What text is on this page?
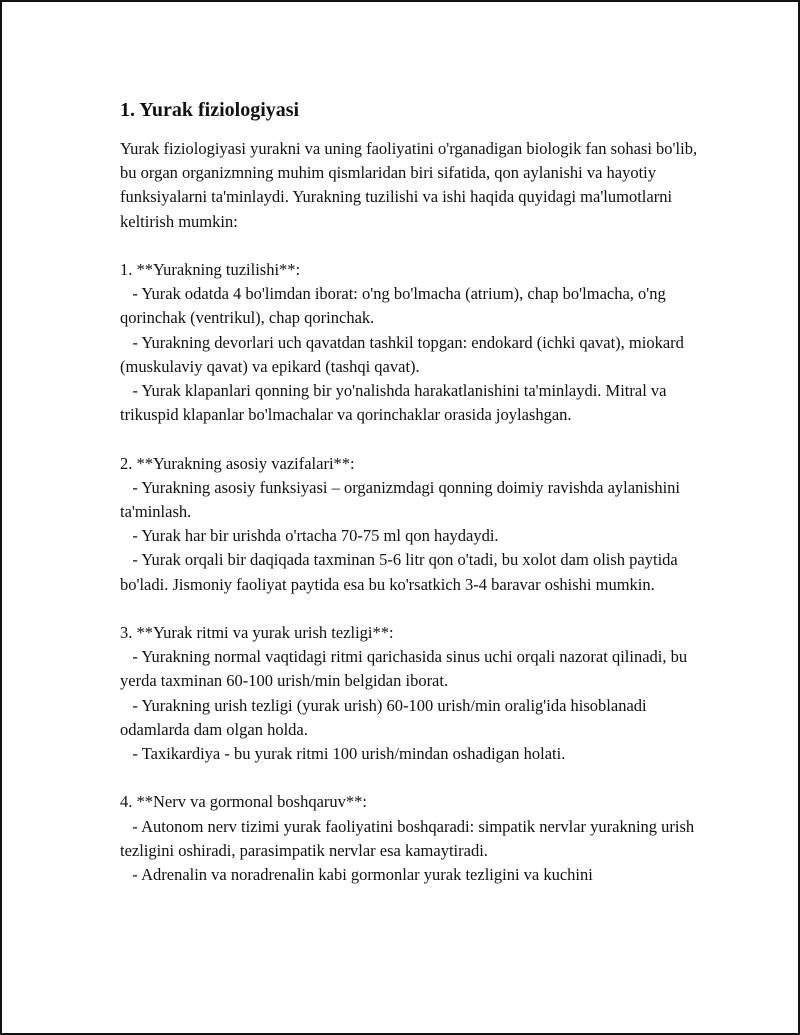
1. Yurak fiziologiyasi

Yurak fiziologiyasi yurakni va uning faoliyatini o'rganadigan biologik fan sohasi bo'lib, bu organ organizmning muhim qismlaridan biri sifatida, qon aylanishi va hayotiy funksiyalarni ta'minlaydi. Yurakning tuzilishi va ishi haqida quyidagi ma'lumotlarni keltirish mumkin:

1. **Yurakning tuzilishi**:

- Yurak odatda 4 bo'limdan iborat: o'ng bo'lmacha (atrium), chap bo'lmacha, o'ng qorinchak (ventrikul), chap qorinchak.

- Yurakning devorlari uch qavatdan tashkil topgan: endokard (ichki qavat), miokard (muskulaviy qavat) va epikard (tashqi qavat).

- Yurak klapanlari qonning bir yo'nalishda harakatlanishini ta'minlaydi. Mitral va trikuspid klapanlar bo'lmachalar va qorinchaklar orasida joylashgan.

2. **Yurakning asosiy vazifalari**:

- Yurakning asosiy funksiyasi – organizmdagi qonning doimiy ravishda aylanishini ta'minlash.

- Yurak har bir urishda o'rtacha 70-75 ml qon haydaydi.

- Yurak orqali bir daqiqada taxminan 5-6 litr qon o'tadi, bu xolot dam olish paytida bo'ladi. Jismoniy faoliyat paytida esa bu ko'rsatkich 3-4 baravar oshishi mumkin.

3. **Yurak ritmi va yurak urish tezligi**:

- Yurakning normal vaqtidagi ritmi qarichasida sinus uchi orqali nazorat qilinadi, bu yerda taxminan 60-100 urish/min belgidan iborat.

- Yurakning urish tezligi (yurak urish) 60-100 urish/min oralig'ida hisoblanadi odamlarda dam olgan holda.

- Taxikardiya - bu yurak ritmi 100 urish/mindan oshadigan holati.

4. **Nerv va gormonal boshqaruv**:

- Autonom nerv tizimi yurak faoliyatini boshqaradi: simpatik nervlar yurakning urish tezligini oshiradi, parasimpatik nervlar esa kamaytiradi.

- Adrenalin va noradrenalin kabi gormonlar yurak tezligini va kuchini
